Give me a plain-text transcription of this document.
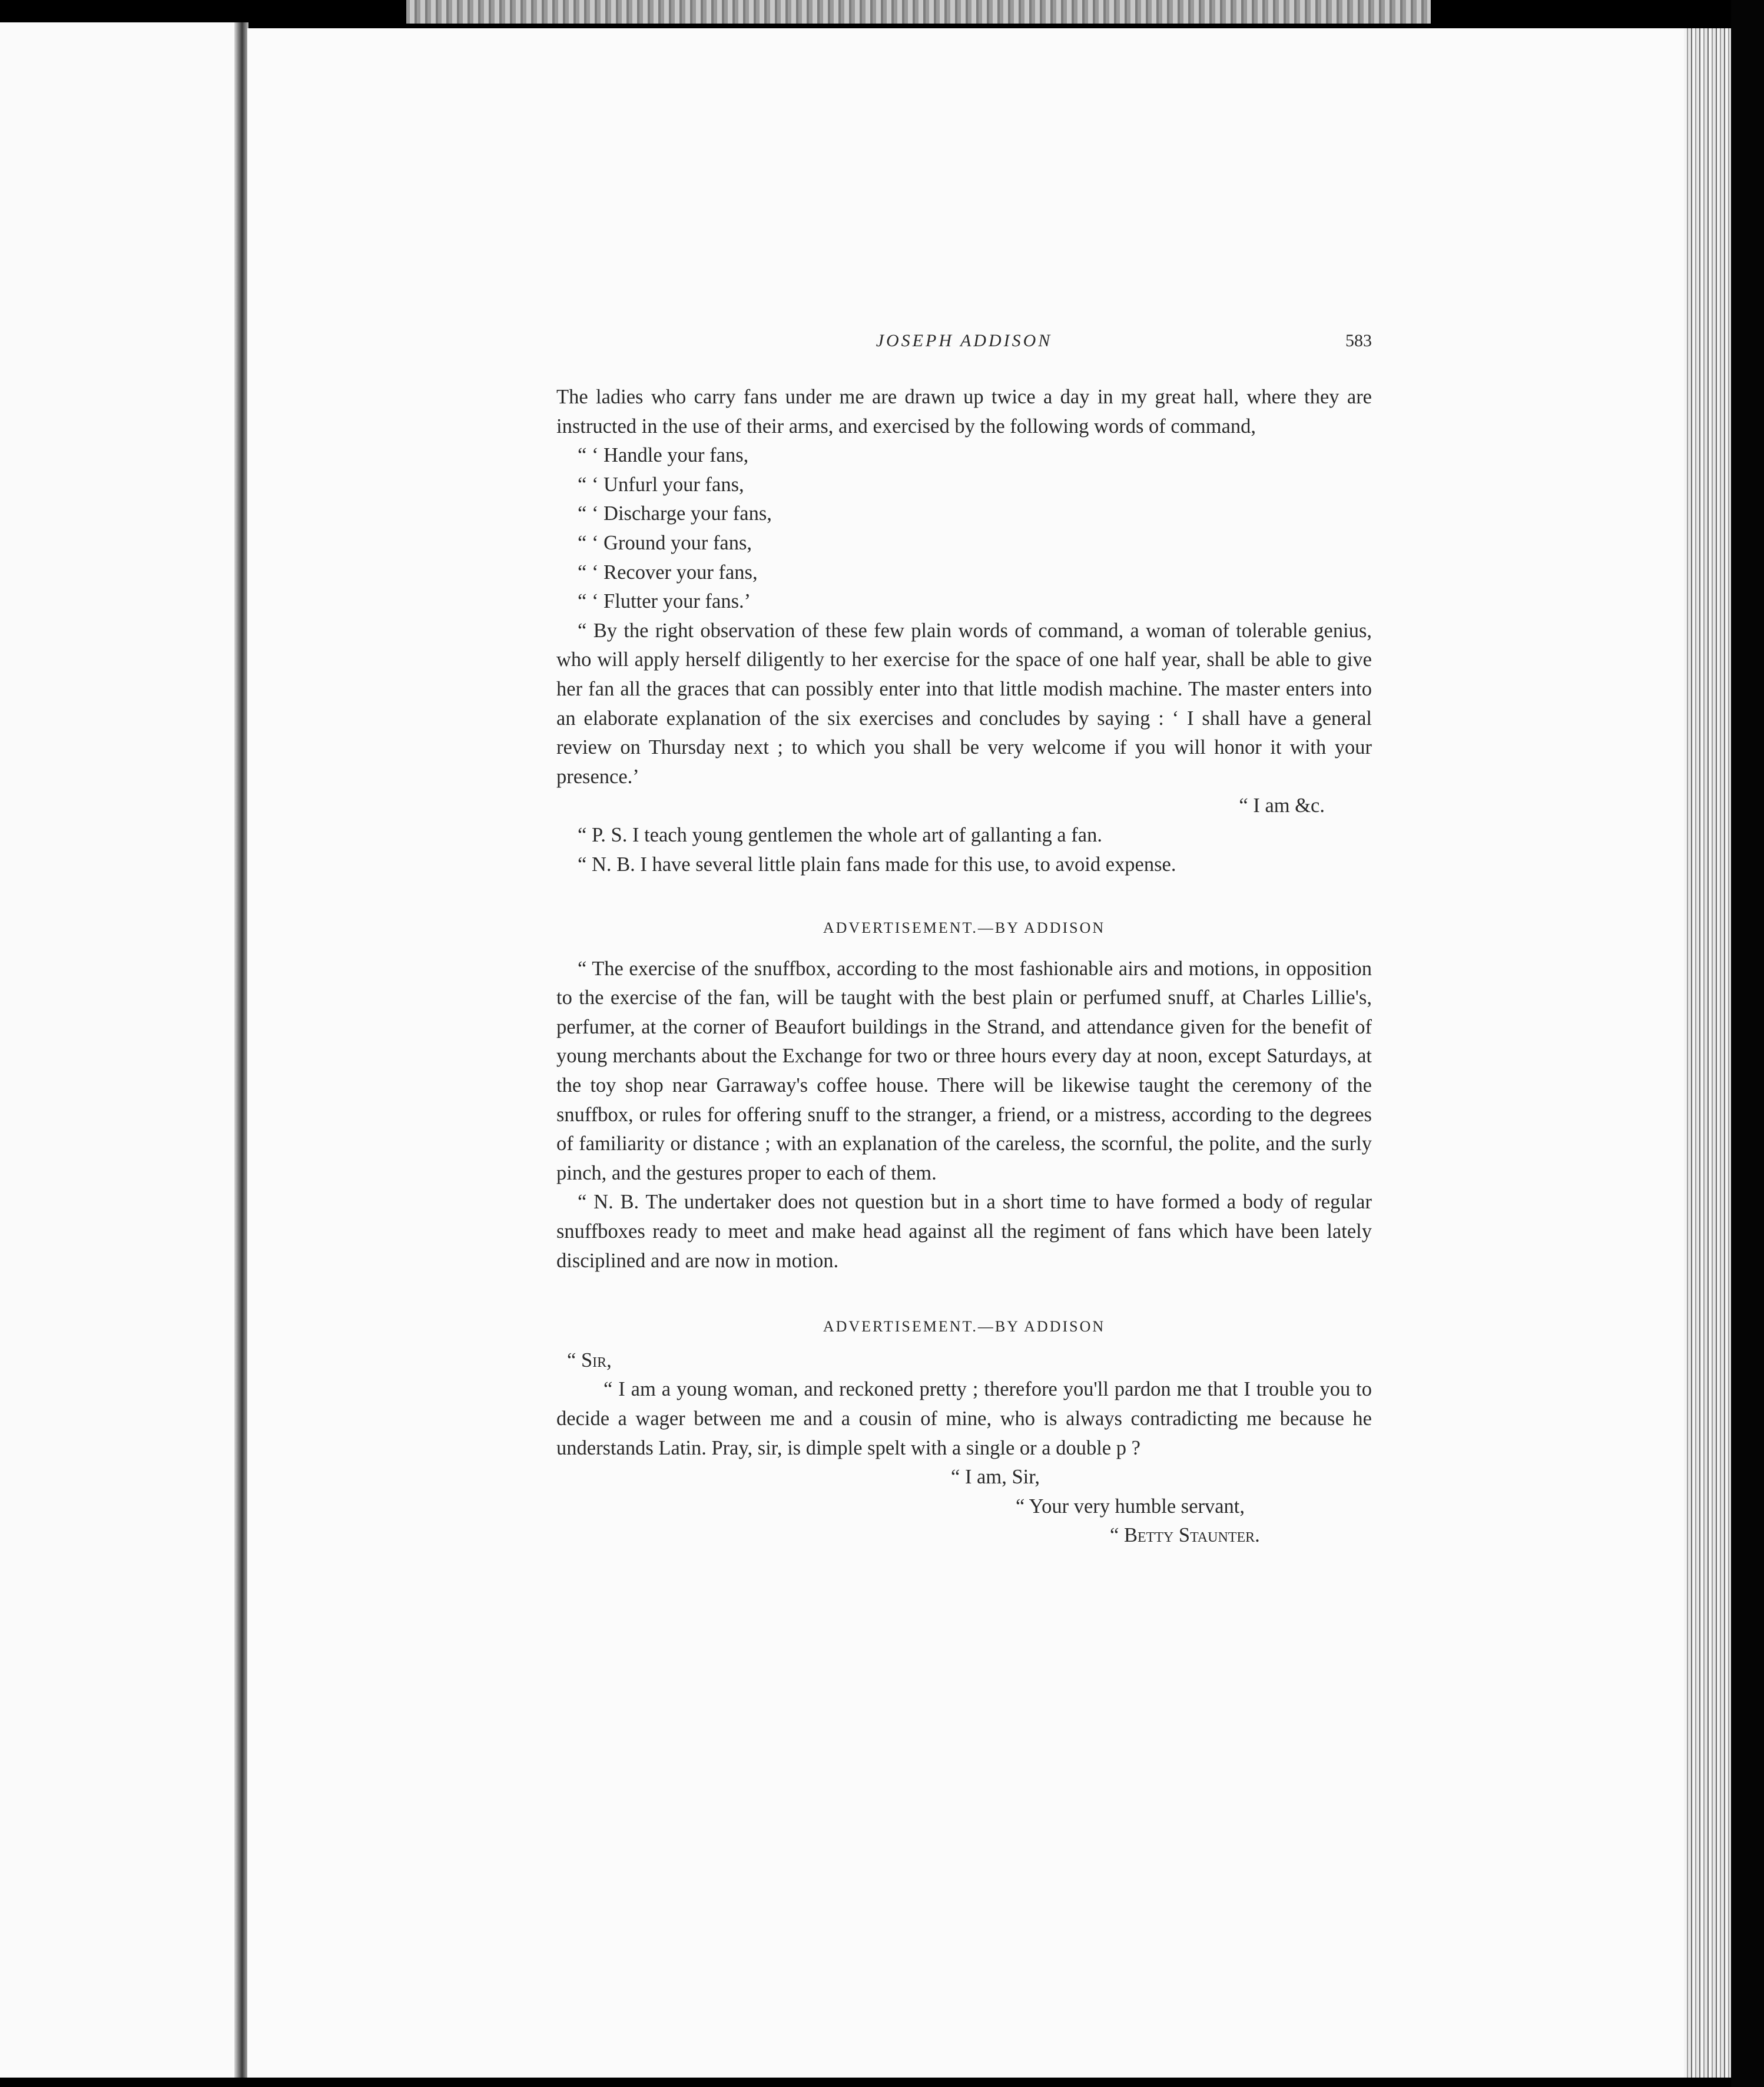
JOSEPH ADDISON	583

The ladies who carry fans under me are drawn up twice a day in my great hall, where they are instructed in the use of their arms, and exercised by the following words of command,

“ ‘ Handle your fans,

“ ‘ Unfurl your fans,

“ ‘ Discharge your fans,

“ ‘ Ground your fans,

“ ‘ Recover your fans,

“ ‘ Flutter your fans.’

“ By the right observation of these few plain words of command, a woman of tolerable genius, who will apply herself diligently to her exercise for the space of one half year, shall be able to give her fan all the graces that can possibly enter into that little modish machine. The master enters into an elaborate explanation of the six exercises and concludes by saying : ‘ I shall have a general review on Thursday next ; to which you shall be very welcome if you will honor it with your presence.’

“ I am &c.

“ P. S. I teach young gentlemen the whole art of gallanting a fan.

“ N. B. I have several little plain fans made for this use, to avoid expense.

ADVERTISEMENT.—BY ADDISON

“ The exercise of the snuffbox, according to the most fashionable airs and motions, in opposition to the exercise of the fan, will be taught with the best plain or perfumed snuff, at Charles Lillie's, perfumer, at the corner of Beaufort buildings in the Strand, and attendance given for the benefit of young merchants about the Exchange for two or three hours every day at noon, except Saturdays, at the toy shop near Garraway's coffee house. There will be likewise taught the ceremony of the snuffbox, or rules for offering snuff to the stranger, a friend, or a mistress, according to the degrees of familiarity or distance ; with an explanation of the careless, the scornful, the polite, and the surly pinch, and the gestures proper to each of them.

“ N. B. The undertaker does not question but in a short time to have formed a body of regular snuffboxes ready to meet and make head against all the regiment of fans which have been lately disciplined and are now in motion.

ADVERTISEMENT.—BY ADDISON

“ Sir,

“ I am a young woman, and reckoned pretty ; therefore you'll pardon me that I trouble you to decide a wager between me and a cousin of mine, who is always contradicting me because he understands Latin. Pray, sir, is dimple spelt with a single or a double p ?

“ I am, Sir,

“ Your very humble servant,

“ Betty Staunter.
